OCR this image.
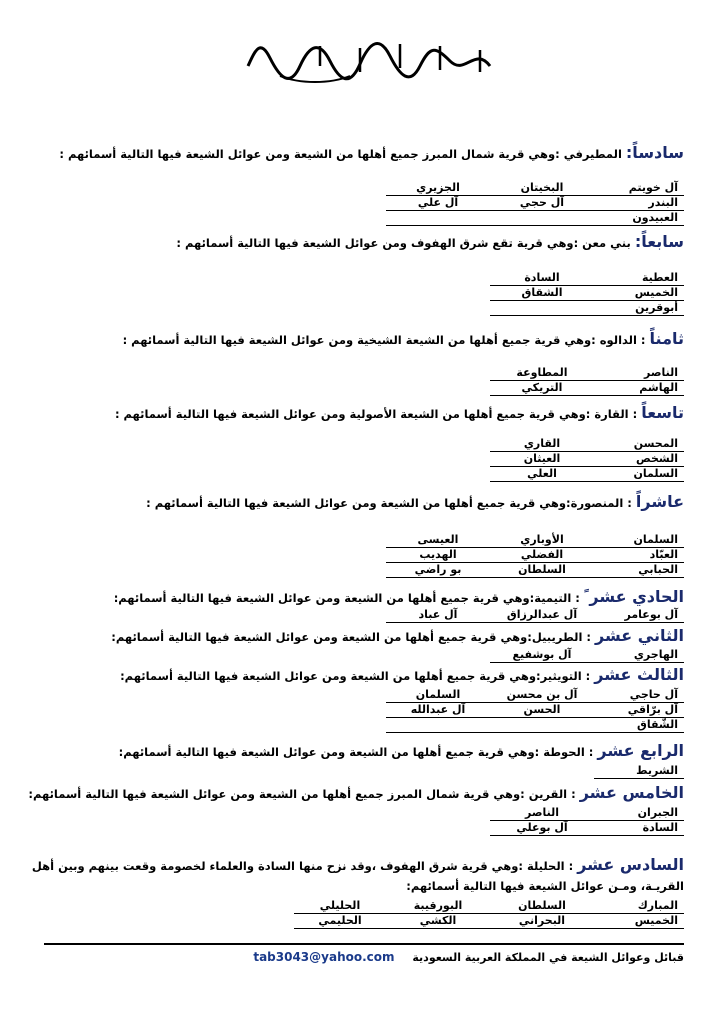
سادساً: المطيرفي :وهي قرية شمال المبرز جميع أهلها من الشيعة ومن عوائل الشيعة فيها التالية أسمائهم :
آل خويتم	البخيتان	الجزيري
البندر	آل حجي	آل علي
العبيدون		
سابعاً: بني معن :وهي قرية تقع شرق الهفوف ومن عوائل الشيعة فيها التالية أسمائهم :
العطية	السادة
الخميس	الشقاق
أبوقرين	
ثامناً : الدالوه :وهي قرية جميع أهلها من الشيعة الشيخية ومن عوائل الشيعة فيها التالية أسمائهم :
الناصر	المطاوعة
الهاشم	التريكي
تاسعاً : القارة :وهي قرية جميع أهلها من الشيعة الأصولية ومن عوائل الشيعة فيها التالية أسمائهم :
المحسن	القاري
الشخص	العيثان
السلمان	العلي
عاشراً : المنصورة:وهي قرية جميع أهلها من الشيعة ومن عوائل الشيعة فيها التالية أسمائهم :
السلمان	الأوباري	العيسى
العبّاد	الفضلي	الهديب
الحبابي	السلطان	بو راضي
الحادي عشر ً : التيمية:وهي قرية جميع أهلها من الشيعة ومن عوائل الشيعة فيها التالية أسمائهم:
آل بوعامر	آل عبدالرزاق	آل عباد
الثاني عشر : الطريبيل:وهي قرية جميع أهلها من الشيعة ومن عوائل الشيعة فيها التالية أسمائهم:
الهاجري	آل بوشفيع
الثالث عشر : التويثير:وهي قرية جميع أهلها من الشيعة ومن عوائل الشيعة فيها التالية أسمائهم:
آل حاجي	آل بن محسن	السلمان
آل برّاقي	الحسن	آل عبدالله
الشّقاق		
الرابع عشر : الحوطة :وهي قرية جميع أهلها من الشيعة ومن عوائل الشيعة فيها التالية أسمائهم:
الشريط
الخامس عشر : القرين :وهي قرية شمال المبرز جميع أهلها من الشيعة ومن عوائل الشيعة فيها التالية أسمائهم:
الجبران	الناصر
السادة	آل بوعلي
السادس عشر : الحليلة :وهي قرية شرق الهفوف ،وقد نزح منها السادة والعلماء لخصومة وقعت بينهم وبين أهل القريـة، ومـن عوائل الشيعة فيها التالية أسمائهم:
المبارك	السلطان	البورقيبة	الحليلي
الخميس	البحراني	الكشي	الحليمي
قبائل وعوائل الشيعة في المملكة العربية السعودية tab3043@yahoo.com
